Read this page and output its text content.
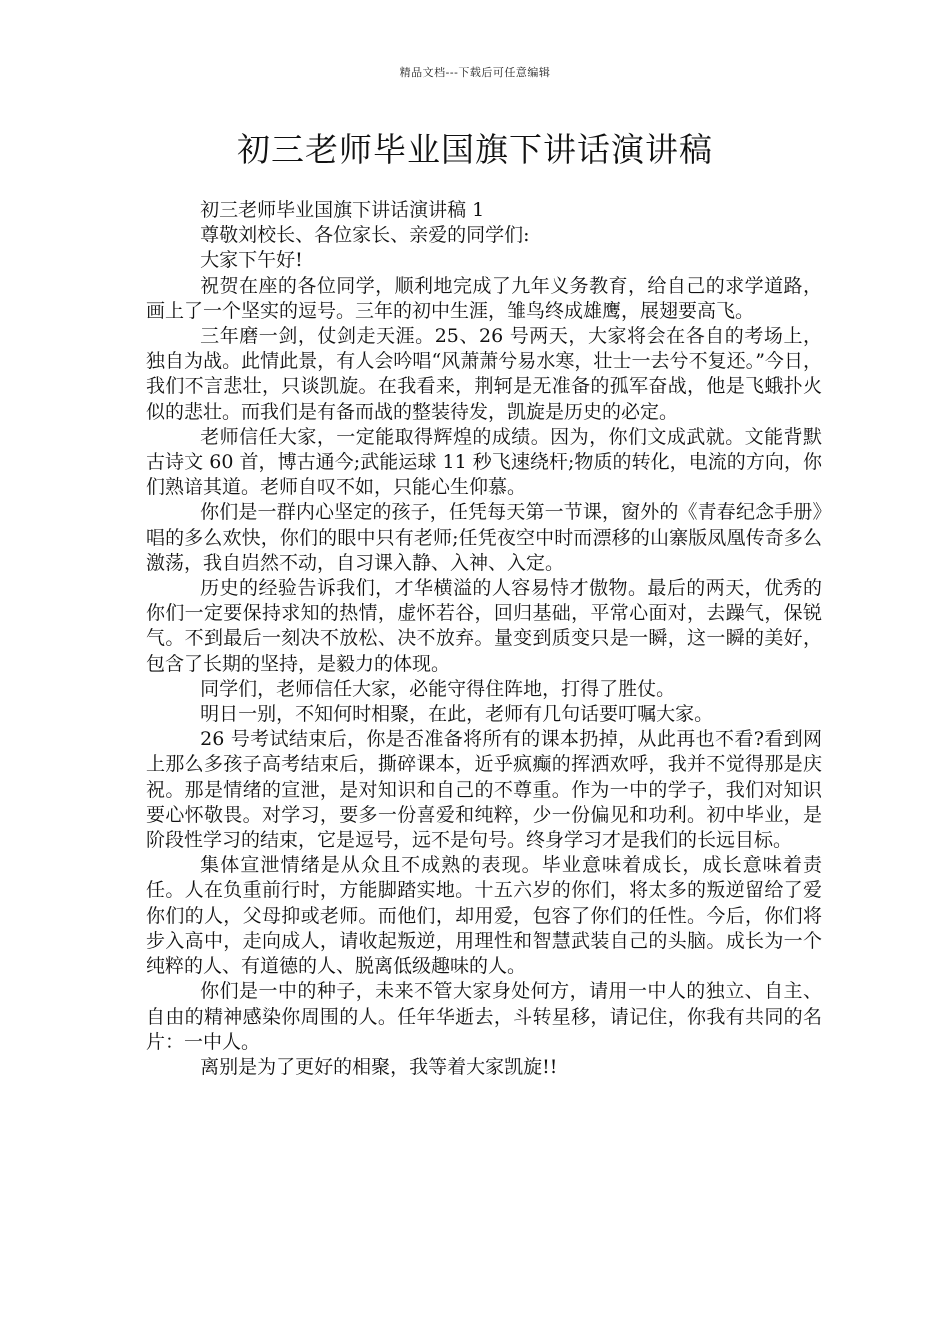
精品文档---下载后可任意编辑
初三老师毕业国旗下讲话演讲稿

初三老师毕业国旗下讲话演讲稿 1

尊敬刘校长、各位家长、亲爱的同学们:

大家下午好!

祝贺在座的各位同学，顺利地完成了九年义务教育，给自己的求学道路，画上了一个坚实的逗号。三年的初中生涯，雏鸟终成雄鹰，展翅要高飞。

三年磨一剑，仗剑走天涯。25、26 号两天，大家将会在各自的考场上，独自为战。此情此景，有人会吟唱“风萧萧兮易水寒，壮士一去兮不复还。”今日，我们不言悲壮，只谈凯旋。在我看来，荆轲是无准备的孤军奋战，他是飞蛾扑火似的悲壮。而我们是有备而战的整装待发，凯旋是历史的必定。

老师信任大家，一定能取得辉煌的成绩。因为，你们文成武就。文能背默古诗文 60 首，博古通今;武能运球 11 秒飞速绕杆;物质的转化，电流的方向，你们熟谙其道。老师自叹不如，只能心生仰慕。

你们是一群内心坚定的孩子，任凭每天第一节课，窗外的《青春纪念手册》唱的多么欢快，你们的眼中只有老师;任凭夜空中时而漂移的山寨版凤凰传奇多么激荡，我自岿然不动，自习课入静、入神、入定。

历史的经验告诉我们，才华横溢的人容易恃才傲物。最后的两天，优秀的你们一定要保持求知的热情，虚怀若谷，回归基础，平常心面对，去躁气，保锐气。不到最后一刻决不放松、决不放弃。量变到质变只是一瞬，这一瞬的美好，包含了长期的坚持，是毅力的体现。

同学们，老师信任大家，必能守得住阵地，打得了胜仗。

明日一别，不知何时相聚，在此，老师有几句话要叮嘱大家。

26 号考试结束后，你是否准备将所有的课本扔掉，从此再也不看?看到网上那么多孩子高考结束后，撕碎课本，近乎疯癫的挥洒欢呼，我并不觉得那是庆祝。那是情绪的宣泄，是对知识和自己的不尊重。作为一中的学子，我们对知识要心怀敬畏。对学习，要多一份喜爱和纯粹，少一份偏见和功利。初中毕业，是阶段性学习的结束，它是逗号，远不是句号。终身学习才是我们的长远目标。

集体宣泄情绪是从众且不成熟的表现。毕业意味着成长，成长意味着责任。人在负重前行时，方能脚踏实地。十五六岁的你们，将太多的叛逆留给了爱你们的人，父母抑或老师。而他们，却用爱，包容了你们的任性。今后，你们将步入高中，走向成人，请收起叛逆，用理性和智慧武装自己的头脑。成长为一个纯粹的人、有道德的人、脱离低级趣味的人。

你们是一中的种子，未来不管大家身处何方，请用一中人的独立、自主、自由的精神感染你周围的人。任年华逝去，斗转星移，请记住，你我有共同的名片：一中人。

离别是为了更好的相聚，我等着大家凯旋!!
